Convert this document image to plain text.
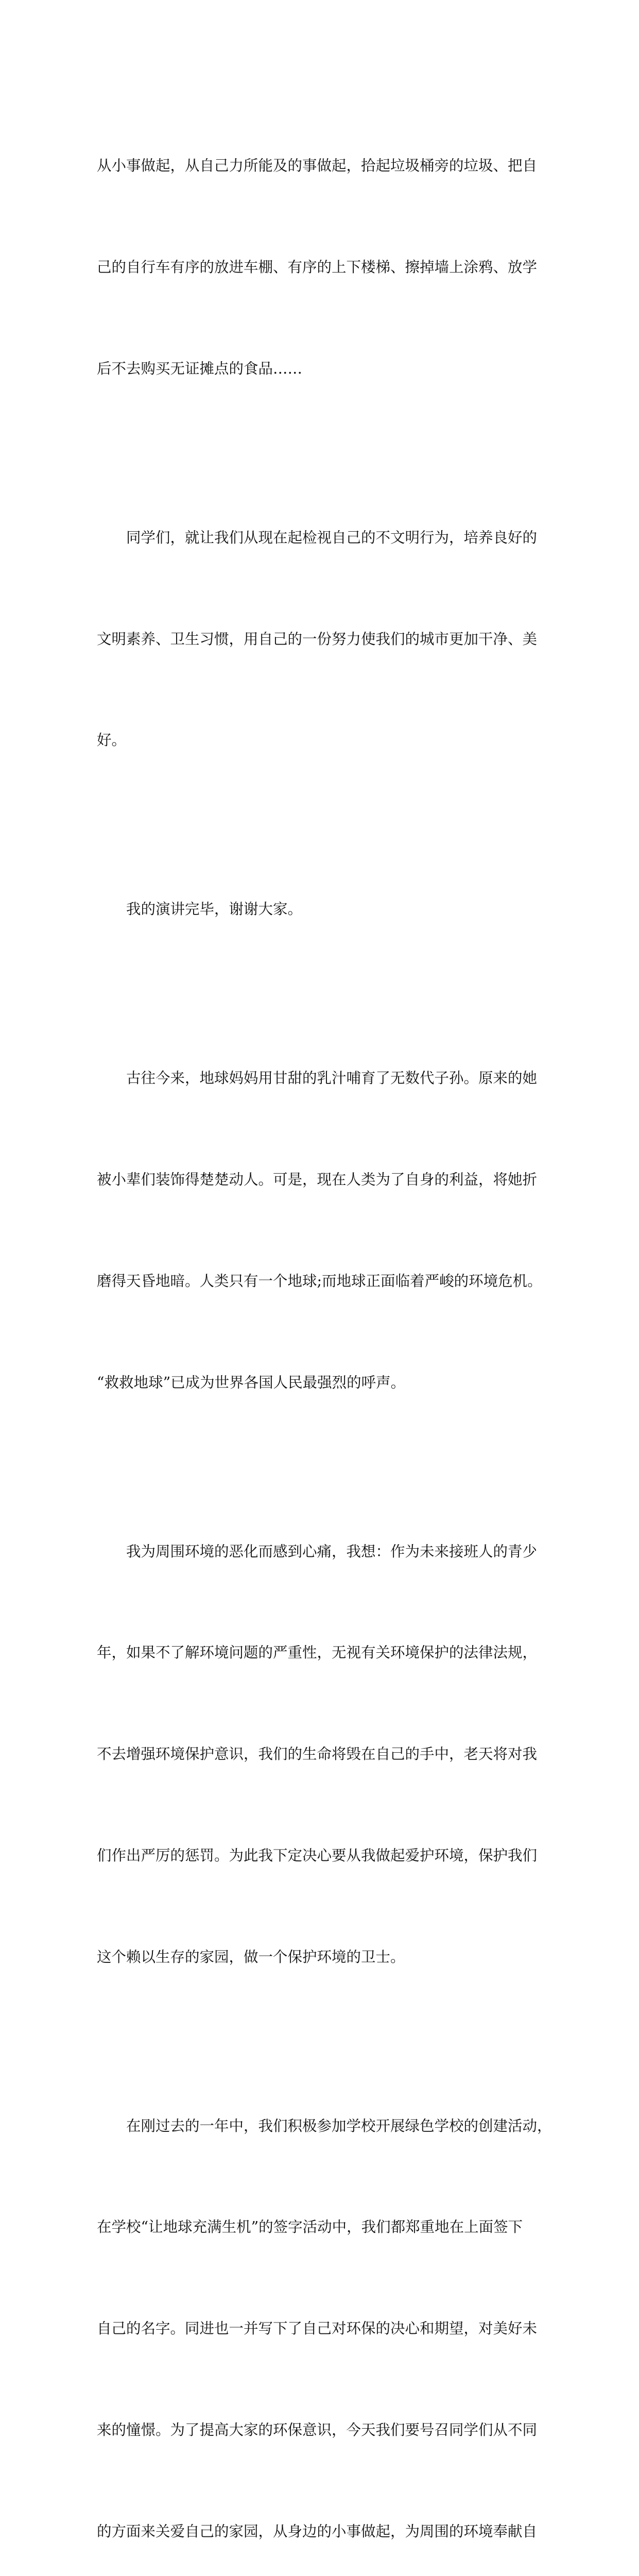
从小事做起，从自己力所能及的事做起，拾起垃圾桶旁的垃圾、把自

己的自行车有序的放进车棚、有序的上下楼梯、擦掉墙上涂鸦、放学

后不去购买无证摊点的食品……

　　同学们，就让我们从现在起检视自己的不文明行为，培养良好的

文明素养、卫生习惯，用自己的一份努力使我们的城市更加干净、美

好。

　　我的演讲完毕，谢谢大家。

　　古往今来，地球妈妈用甘甜的乳汁哺育了无数代子孙。原来的她

被小辈们装饰得楚楚动人。可是，现在人类为了自身的利益，将她折

磨得天昏地暗。人类只有一个地球;而地球正面临着严峻的环境危机。

“救救地球”已成为世界各国人民最强烈的呼声。

　　我为周围环境的恶化而感到心痛，我想：作为未来接班人的青少

年，如果不了解环境问题的严重性，无视有关环境保护的法律法规，

不去增强环境保护意识，我们的生命将毁在自己的手中，老天将对我

们作出严厉的惩罚。为此我下定决心要从我做起爱护环境，保护我们

这个赖以生存的家园，做一个保护环境的卫士。

　　在刚过去的一年中，我们积极参加学校开展绿色学校的创建活动，

在学校“让地球充满生机”的签字活动中，我们都郑重地在上面签下

自己的名字。同进也一并写下了自己对环保的决心和期望，对美好未

来的憧憬。为了提高大家的环保意识，今天我们要号召同学们从不同

的方面来关爱自己的家园，从身边的小事做起，为周围的环境奉献自
